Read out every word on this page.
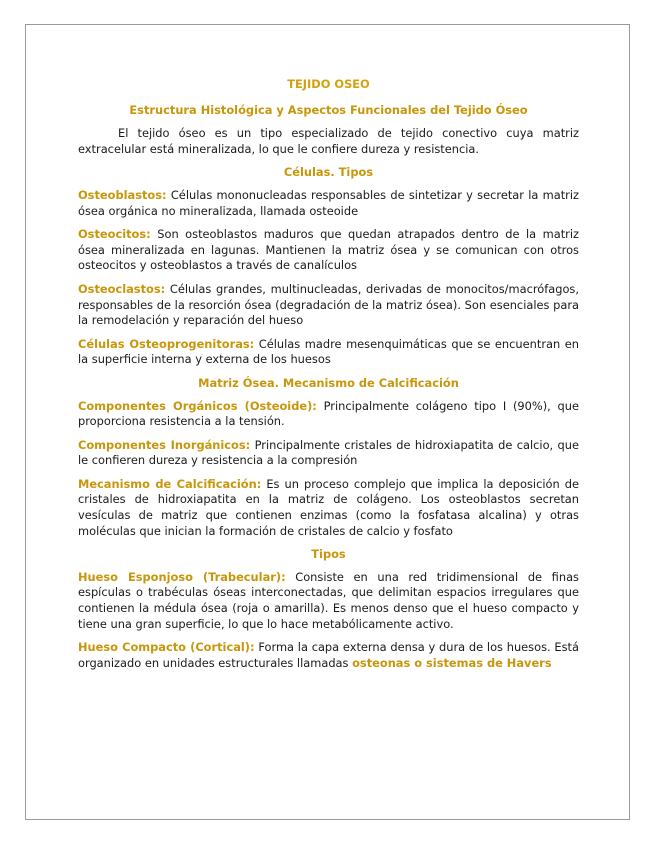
TEJIDO OSEO
Estructura Histológica y Aspectos Funcionales del Tejido Óseo

El tejido óseo es un tipo especializado de tejido conectivo cuya matriz extracelular está mineralizada, lo que le confiere dureza y resistencia.

Células. Tipos

Osteoblastos: Células mononucleadas responsables de sintetizar y secretar la matriz ósea orgánica no mineralizada, llamada osteoide

Osteocitos: Son osteoblastos maduros que quedan atrapados dentro de la matriz ósea mineralizada en lagunas. Mantienen la matriz ósea y se comunican con otros osteocitos y osteoblastos a través de canalículos

Osteoclastos: Células grandes, multinucleadas, derivadas de monocitos/macrófagos, responsables de la resorción ósea (degradación de la matriz ósea). Son esenciales para la remodelación y reparación del hueso

Células Osteoprogenitoras: Células madre mesenquimáticas que se encuentran en la superficie interna y externa de los huesos

Matriz Ósea. Mecanismo de Calcificación

Componentes Orgánicos (Osteoide): Principalmente colágeno tipo I (90%), que proporciona resistencia a la tensión.

Componentes Inorgánicos: Principalmente cristales de hidroxiapatita de calcio, que le confieren dureza y resistencia a la compresión

Mecanismo de Calcificación: Es un proceso complejo que implica la deposición de cristales de hidroxiapatita en la matriz de colágeno. Los osteoblastos secretan vesículas de matriz que contienen enzimas (como la fosfatasa alcalina) y otras moléculas que inician la formación de cristales de calcio y fosfato

Tipos

Hueso Esponjoso (Trabecular): Consiste en una red tridimensional de finas espículas o trabéculas óseas interconectadas, que delimitan espacios irregulares que contienen la médula ósea (roja o amarilla). Es menos denso que el hueso compacto y tiene una gran superficie, lo que lo hace metabólicamente activo.

Hueso Compacto (Cortical): Forma la capa externa densa y dura de los huesos. Está organizado en unidades estructurales llamadas osteonas o sistemas de Havers
